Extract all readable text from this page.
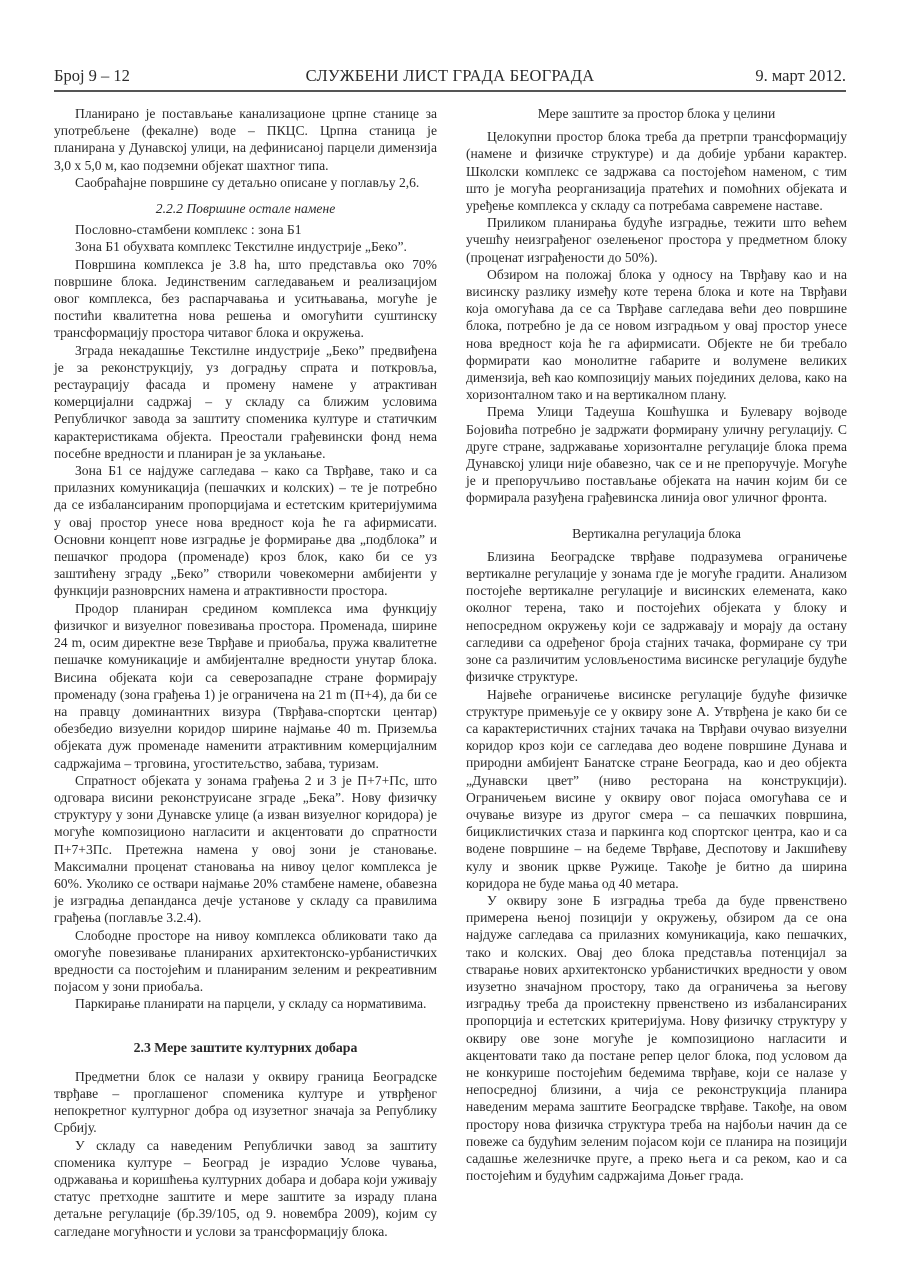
Број 9 – 12	СЛУЖБЕНИ ЛИСТ ГРАДА БЕОГРАДА	9. март 2012.

Планирано је постављање канализационе црпне станице за употребљене (фекалне) воде – ПКЦС. Црпна станица је планирана у Дунавској улици, на дефинисаној парцели димензија 3,0 х 5,0 м, као подземни објекат шахтног типа.

Саобраћајне површине су детаљно описане у поглављу 2,6.

2.2.2 Површине остале намене

Пословно-стамбени комплекс : зона Б1

Зона Б1 обухвата комплекс Текстилне индустрије „Беко”.

Површина комплекса је 3.8 ha, што представља око 70% површине блока. Јединственим сагледавањем и реализацијом овог комплекса, без распарчавања и уситњавања, могуће је постићи квалитетна нова решења и омогућити суштинску трансформацију простора читавог блока и окружења.

Зграда некадашње Текстилне индустрије „Беко” предвиђена је за реконструкцију, уз доградњу спрата и поткровља, рестаурацију фасада и промену намене у атрактиван комерцијални садржај – у складу са ближим условима Републичког завода за заштиту споменика културе и статичким карактеристикама објекта. Преостали грађевински фонд нема посебне вредности и планиран је за уклањање.

Зона Б1 се најдуже сагледава – како са Тврђаве, тако и са прилазних комуникација (пешачких и колских) – те је потребно да се избалансираним пропорцијама и естетским критеријумима у овај простор унесе нова вредност која ће га афирмисати. Основни концепт нове изградње је формирање два „подблока” и пешачког продора (променаде) кроз блок, како би се уз заштићену зграду „Беко” створили човекомерни амбијенти у функцији разноврсних намена и атрактивности простора.

Продор планиран средином комплекса има функцију физичког и визуелног повезивања простора. Променада, ширине 24 m, осим директне везе Тврђаве и приобаља, пружа квалитетне пешачке комуникације и амбијенталне вредности унутар блока. Висина објеката који са северозападне стране формирају променаду (зона грађења 1) је ограничена на 21 m (П+4), да би се на правцу доминантних визура (Тврђава-спортски центар) обезбедио визуелни коридор ширине најмање 40 m. Приземља објеката дуж променаде наменити атрактивним комерцијалним садржајима – трговина, угоститељство, забава, туризам.

Спратност објеката у зонама грађења 2 и 3 је П+7+Пс, што одговара висини реконструисане зграде „Бека”. Нову физичку структуру у зони Дунавске улице (а изван визуелног коридора) је могуће композиционо нагласити и акцентовати до спратности П+7+3Пс. Претежна намена у овој зони је становање. Максимални проценат становања на нивоу целог комплекса је 60%. Уколико се оствари најмање 20% стамбене намене, обавезна је изградња депанданса дечје установе у складу са правилима грађења (поглавље 3.2.4).

Слободне просторе на нивоу комплекса обликовати тако да омогуће повезивање планираних архитектонско-урбанистичких вредности са постојећим и планираним зеленим и рекреативним појасом у зони приобаља.

Паркирање планирати на парцели, у складу са нормативима.

2.3 Мере заштите културних добара

Предметни блок се налази у оквиру граница Београдске тврђаве – проглашеног споменика културе и утврђеног непокретног културног добра од изузетног значаја за Републику Србију.

У складу са наведеним Републички завод за заштиту споменика културе – Београд је израдио Услове чувања, одржавања и коришћења културних добара и добара који уживају статус претходне заштите и мере заштите за израду плана детаљне регулације (бр.39/105, од 9. новембра 2009), којим су сагледане могућности и услови за трансформацију блока.

Мере заштите за простор блока у целини

Целокупни простор блока треба да претрпи трансформацију (намене и физичке структуре) и да добије урбани карактер. Школски комплекс се задржава са постојећом наменом, с тим што је могућа реорганизација пратећих и помоћних објеката и уређење комплекса у складу са потребама савремене наставе.

Приликом планирања будуће изградње, тежити што већем учешћу неизграђеног озелењеног простора у предметном блоку (проценат изграђености до 50%).

Обзиром на положај блока у односу на Тврђаву као и на висинску разлику између коте терена блока и коте на Тврђави која омогућава да се са Тврђаве сагледава већи део површине блока, потребно је да се новом изградњом у овај простор унесе нова вредност која ће га афирмисати. Објекте не би требало формирати као монолитне габарите и волумене великих димензија, већ као композицију мањих појединих делова, како на хоризонталном тако и на вертикалном плану.

Према Улици Тадеуша Кошћушка и Булевару војводе Бојовића потребно је задржати формирану уличну регулацију. С друге стране, задржавање хоризонталне регулације блока према Дунавској улици није обавезно, чак се и не препоручује. Могуће је и препоручљиво постављање објеката на начин којим би се формирала разуђена грађевинска линија овог уличног фронта.

Вертикална регулација блока

Близина Београдске тврђаве подразумева ограничење вертикалне регулације у зонама где је могуће градити. Анализом постојеће вертикалне регулације и висинских елемената, како околног терена, тако и постојећих објеката у блоку и непосредном окружењу који се задржавају и морају да остану сагледиви са одређеног броја стајних тачака, формиране су три зоне са различитим условљеностима висинске регулације будуће физичке структуре.

Највеће ограничење висинске регулације будуће физичке структуре примењује се у оквиру зоне А. Утврђена је како би се са карактеристичних стајних тачака на Тврђави очувао визуелни коридор кроз који се сагледава део водене површине Дунава и природни амбијент Банатске стране Београда, као и део објекта „Дунавски цвет” (ниво ресторана на конструкцији). Ограничењем висине у оквиру овог појаса омогућава се и очување визуре из другог смера – са пешачких површина, бициклистичких стаза и паркинга код спортског центра, као и са водене површине – на бедеме Тврђаве, Деспотову и Јакшићеву кулу и звоник цркве Ружице. Такође је битно да ширина коридора не буде мања од 40 метара.

У оквиру зоне Б изградња треба да буде првенствено примерена њеној позицији у окружењу, обзиром да се она најдуже сагледава са прилазних комуникација, како пешачких, тако и колских. Овај део блока представља потенцијал за стварање нових архитектонско урбанистичких вредности у овом изузетно значајном простору, тако да ограничења за његову изградњу треба да проистекну првенствено из избалансираних пропорција и естетских критеријума. Нову физичку структуру у оквиру ове зоне могуће је композиционо нагласити и акцентовати тако да постане репер целог блока, под условом да не конкурише постојећим бедемима тврђаве, који се налазе у непосредној близини, а чија се реконструкција планира наведеним мерама заштите Београдске тврђаве. Такође, на овом простору нова физичка структура треба на најбољи начин да се повеже са будућим зеленим појасом који се планира на позицији садашње железничке пруге, а преко њега и са реком, као и са постојећим и будућим садржајима Доњег града.
